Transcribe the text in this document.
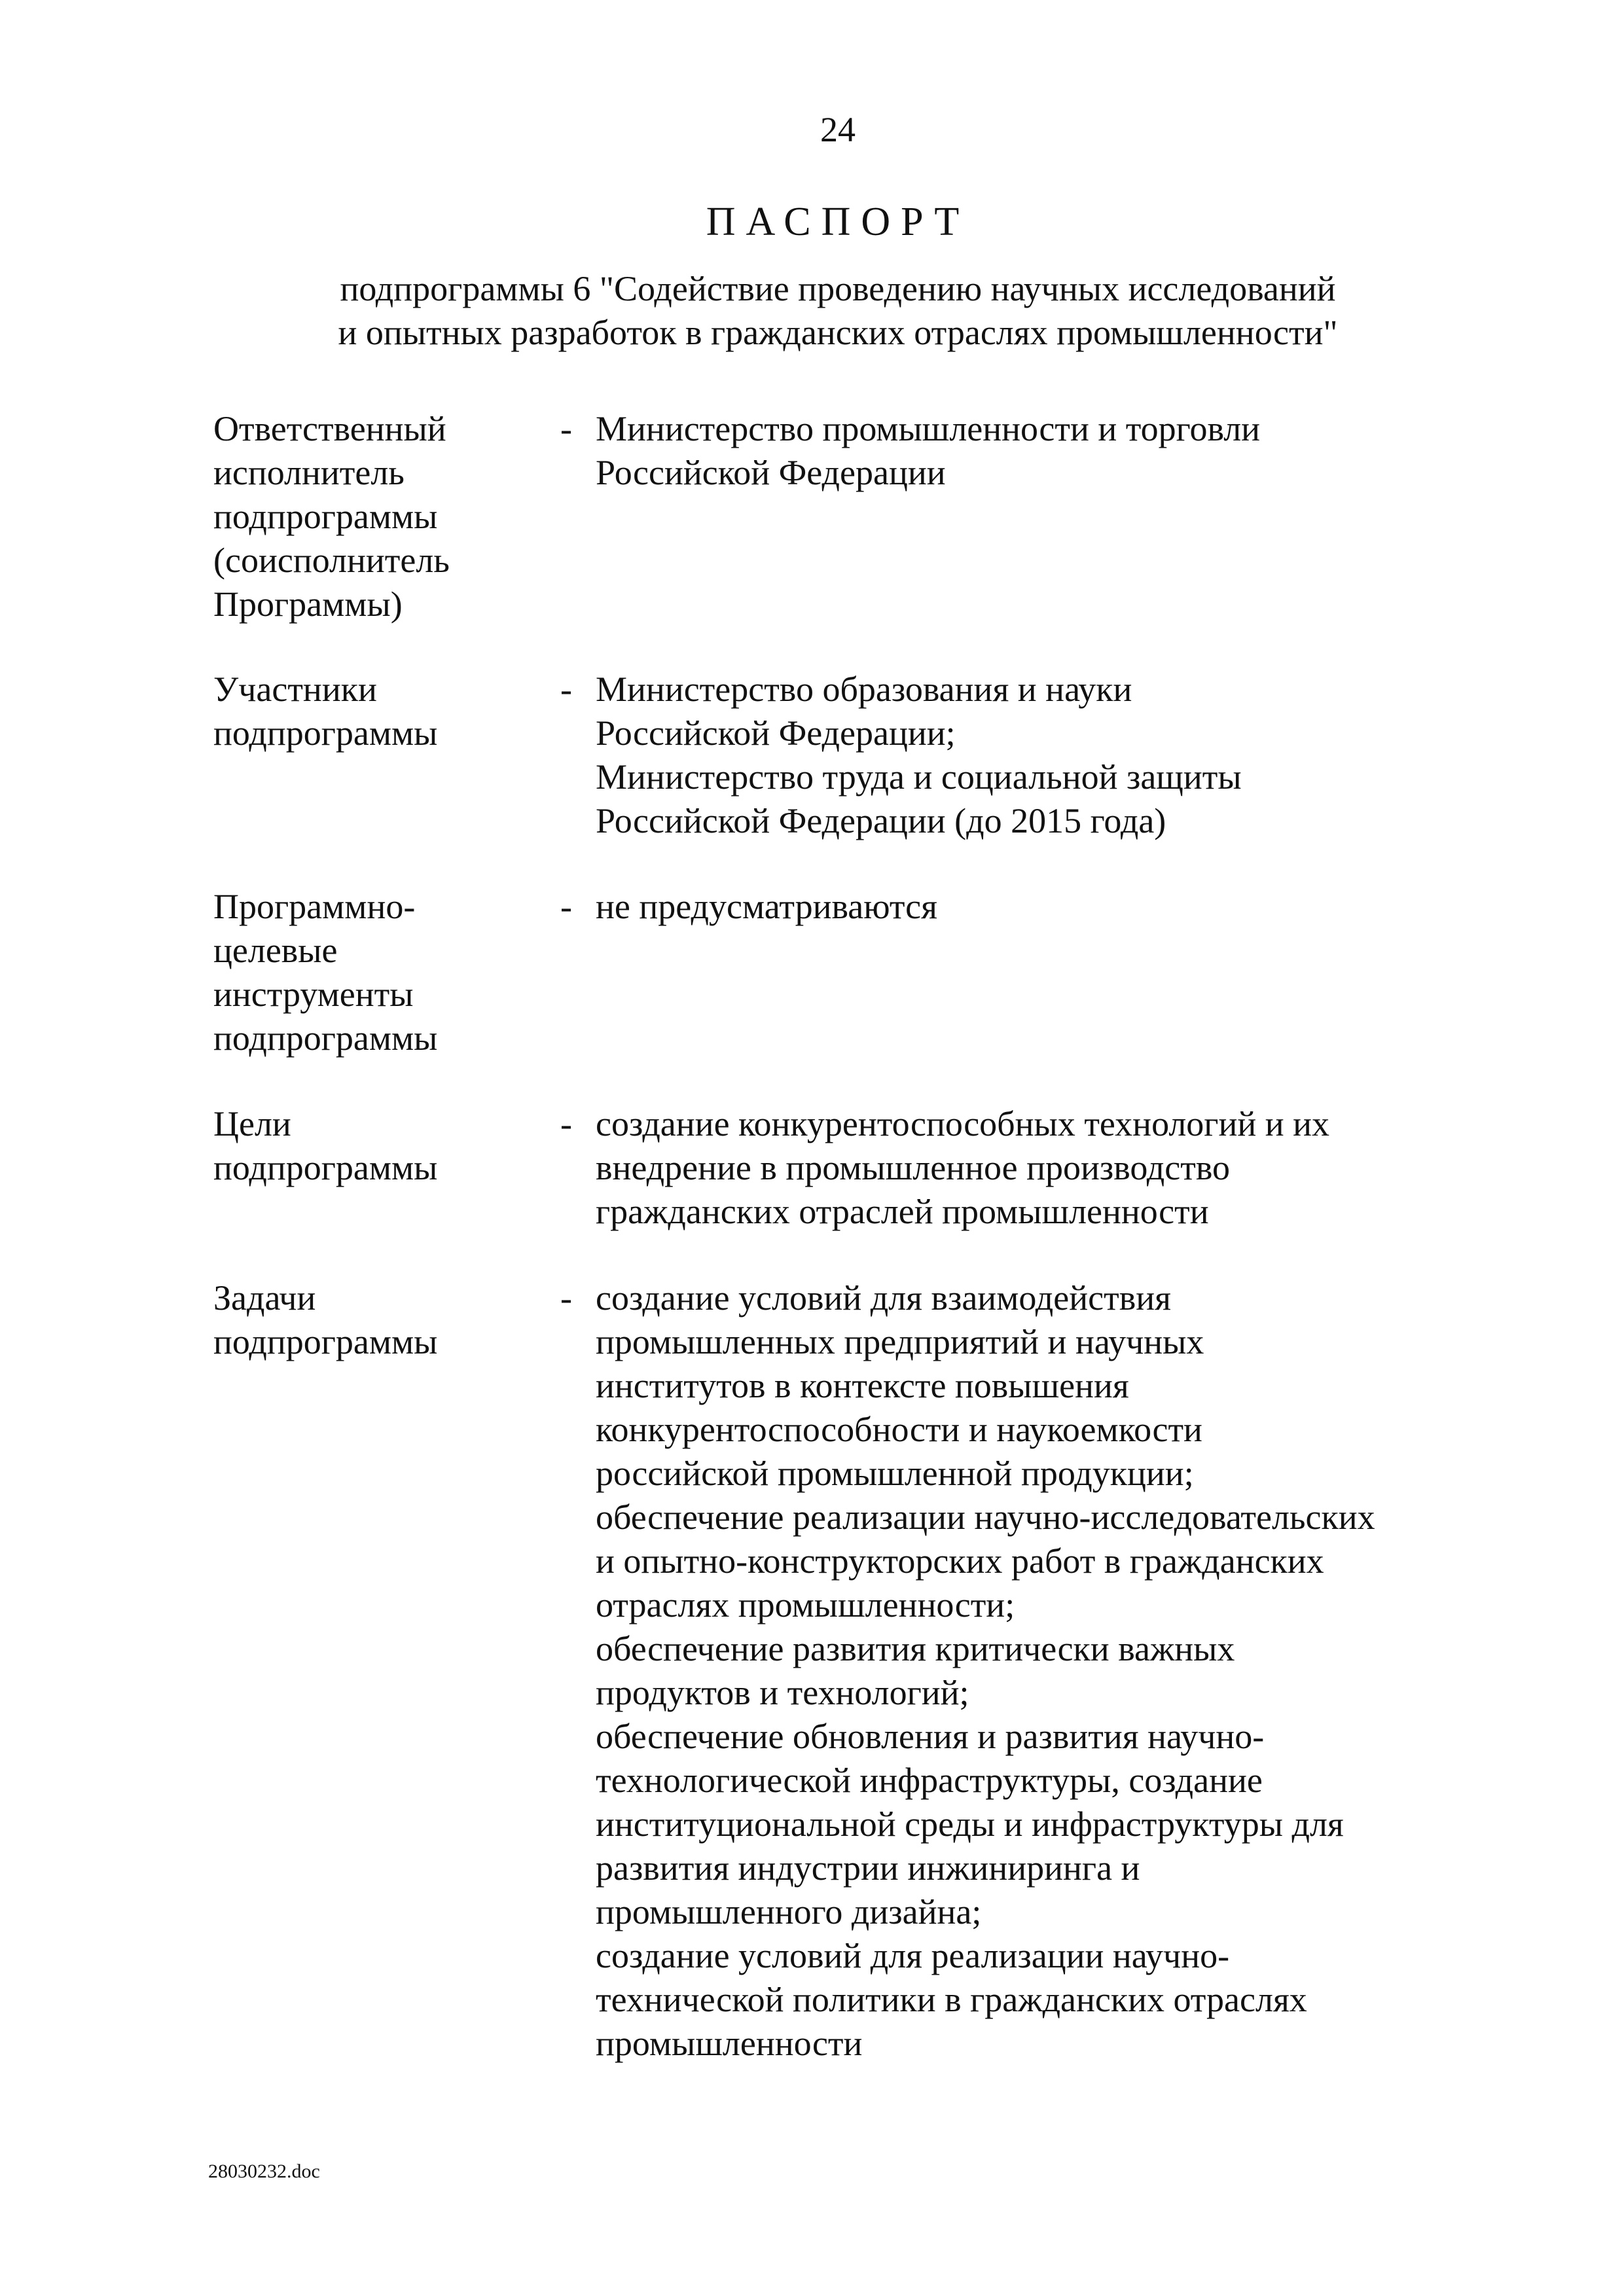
24
ПАСПОРТ
подпрограммы 6 "Содействие проведению научных исследований
и опытных разработок в гражданских отраслях промышленности"
Ответственный
исполнитель
подпрограммы
(соисполнитель
Программы)
- Министерство промышленности и торговли
Российской Федерации
Участники
подпрограммы
- Министерство образования и науки
Российской Федерации;
Министерство труда и социальной защиты
Российской Федерации (до 2015 года)
Программно-
целевые
инструменты
подпрограммы
- не предусматриваются
Цели
подпрограммы
- создание конкурентоспособных технологий и их
внедрение в промышленное производство
гражданских отраслей промышленности
Задачи
подпрограммы
- создание условий для взаимодействия
промышленных предприятий и научных
институтов в контексте повышения
конкурентоспособности и наукоемкости
российской промышленной продукции;
обеспечение реализации научно-исследовательских
и опытно-конструкторских работ в гражданских
отраслях промышленности;
обеспечение развития критически важных
продуктов и технологий;
обеспечение обновления и развития научно-
технологической инфраструктуры, создание
институциональной среды и инфраструктуры для
развития индустрии инжиниринга и
промышленного дизайна;
создание условий для реализации научно-
технической политики в гражданских отраслях
промышленности
28030232.doc
